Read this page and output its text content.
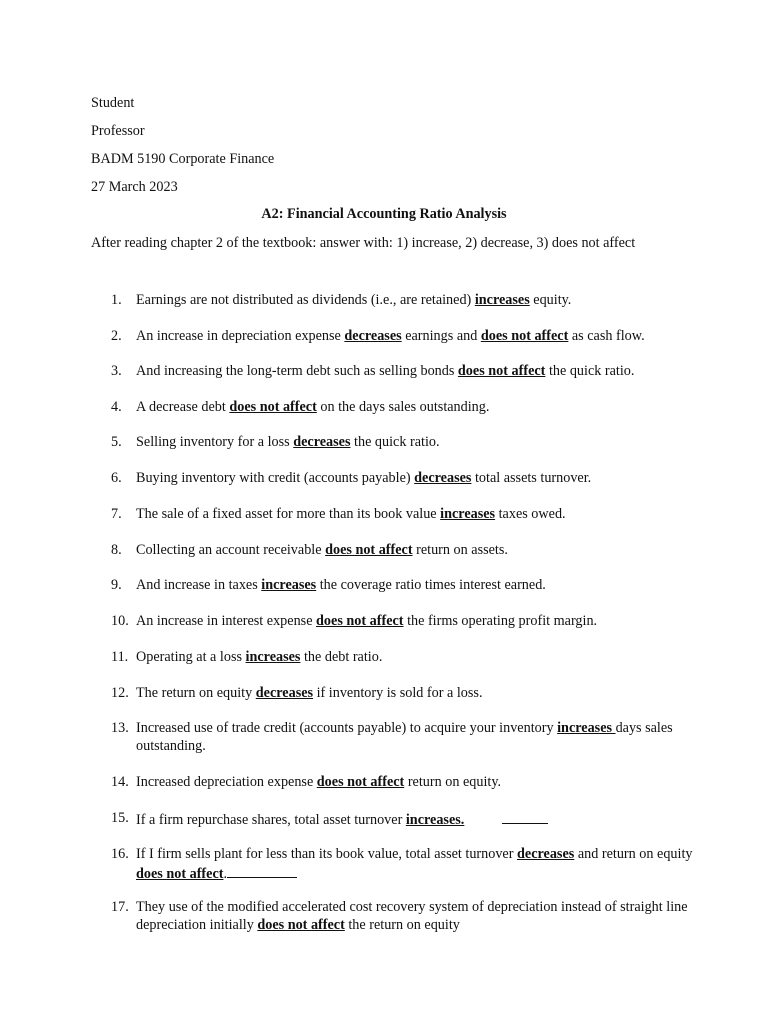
Student
Professor
BADM 5190 Corporate Finance
27 March 2023
A2: Financial Accounting Ratio Analysis
After reading chapter 2 of the textbook: answer with: 1) increase, 2) decrease, 3) does not affect
1. Earnings are not distributed as dividends (i.e., are retained) increases equity.
2. An increase in depreciation expense decreases earnings and does not affect as cash flow.
3. And increasing the long-term debt such as selling bonds does not affect the quick ratio.
4. A decrease debt does not affect on the days sales outstanding.
5. Selling inventory for a loss decreases the quick ratio.
6. Buying inventory with credit (accounts payable) decreases total assets turnover.
7. The sale of a fixed asset for more than its book value increases taxes owed.
8. Collecting an account receivable does not affect return on assets.
9. And increase in taxes increases the coverage ratio times interest earned.
10. An increase in interest expense does not affect the firms operating profit margin.
11. Operating at a loss increases the debt ratio.
12. The return on equity decreases if inventory is sold for a loss.
13. Increased use of trade credit (accounts payable) to acquire your inventory increases days sales outstanding.
14. Increased depreciation expense does not affect return on equity.
15. If a firm repurchase shares, total asset turnover increases.
16. If I firm sells plant for less than its book value, total asset turnover decreases and return on equity does not affect.
17. They use of the modified accelerated cost recovery system of depreciation instead of straight line depreciation initially does not affect the return on equity
